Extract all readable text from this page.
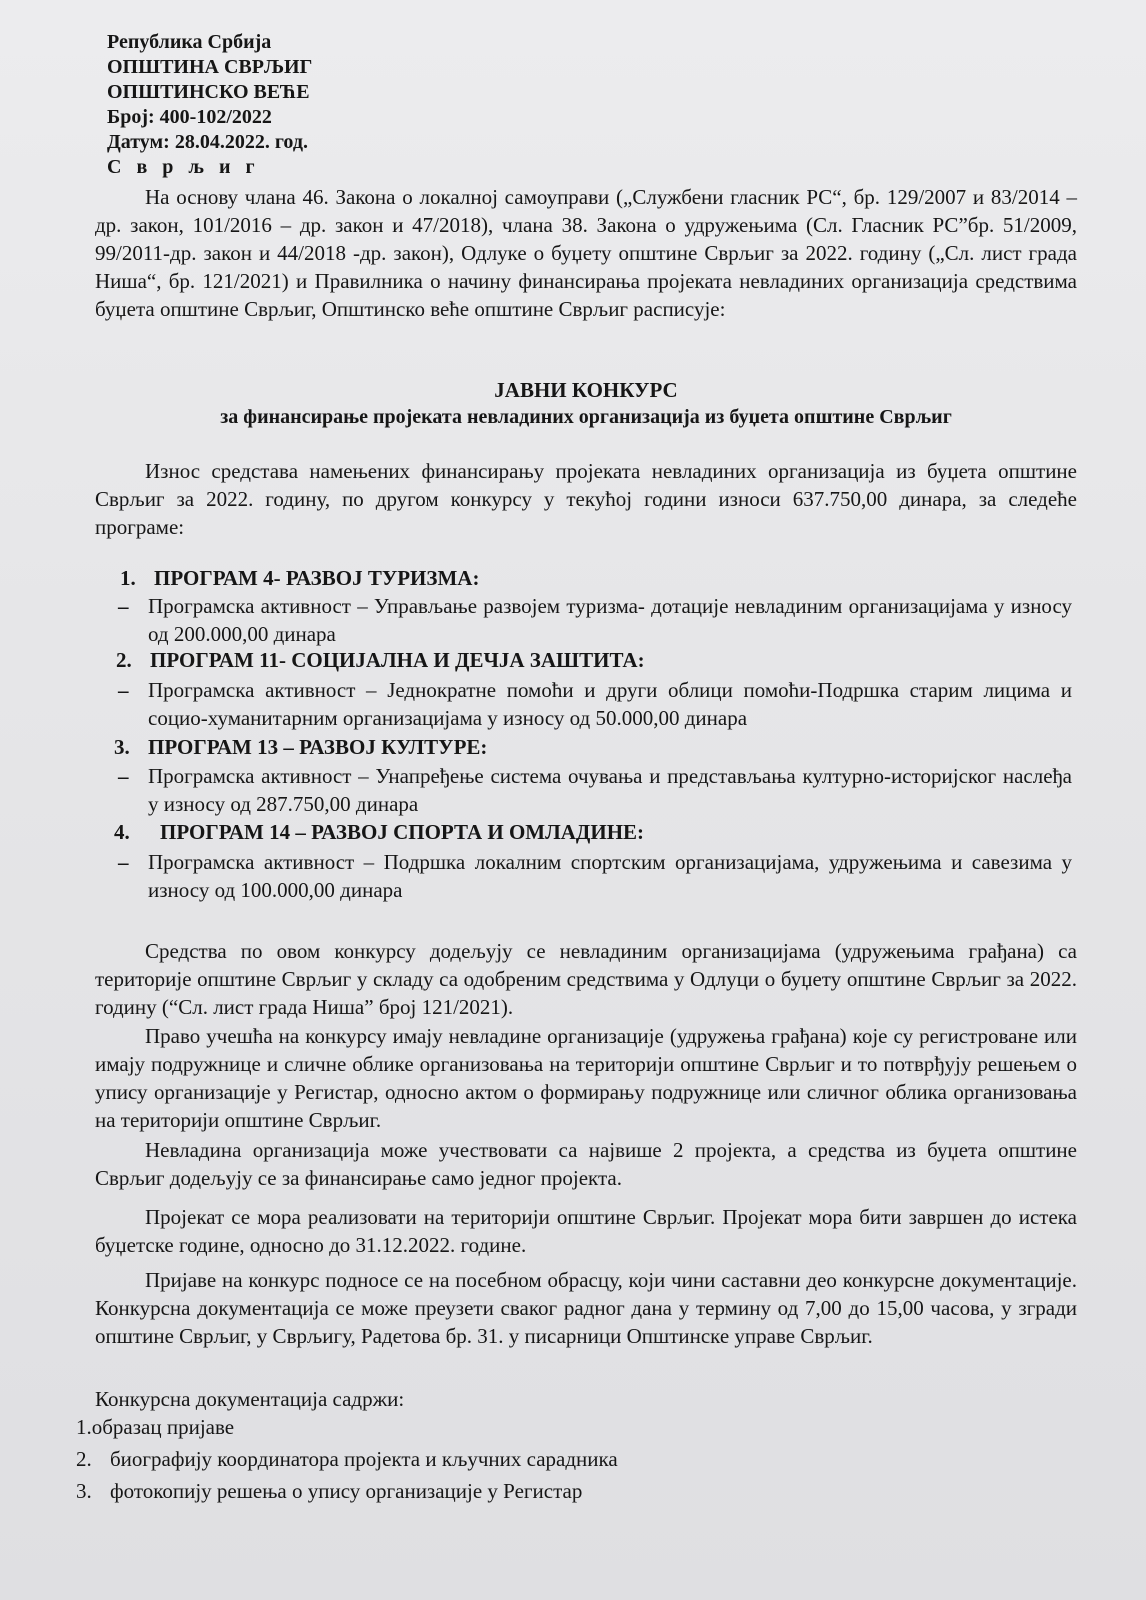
Република Србија
ОПШТИНА СВРЉИГ
ОПШТИНСКО ВЕЋЕ
Број: 400-102/2022
Датум: 28.04.2022. год.
С в р љ и г
На основу члана 46. Закона о локалној самоуправи („Службени гласник РС“, бр. 129/2007 и 83/2014 – др. закон, 101/2016 – др. закон и 47/2018), члана 38. Закона о удружењима (Сл. Гласник РС”бр. 51/2009, 99/2011-др. закон и 44/2018 -др. закон), Одлуке о буџету општине Сврљиг за 2022. годину („Сл. лист града Ниша“, бр. 121/2021) и Правилника о начину финансирања пројеката невладиних организација средствима буџета општине Сврљиг, Општинско веће општине Сврљиг расписује:
ЈАВНИ КОНКУРС
за финансирање пројеката невладиних организација из буџета општине Сврљиг
Износ средстава намењених финансирању пројеката невладиних организација из буџета општине Сврљиг за 2022. годину, по другом конкурсу у текућој години износи 637.750,00 динара, за следеће програме:
1. ПРОГРАМ 4- РАЗВОЈ ТУРИЗМА:
– Програмска активност – Управљање развојем туризма- дотације невладиним организацијама у износу од 200.000,00 динара
2. ПРОГРАМ 11- СОЦИЈАЛНА И ДЕЧЈА ЗАШТИТА:
– Програмска активност – Једнократне помоћи и други облици помоћи-Подршка старим лицима и социо-хуманитарним организацијама у износу од 50.000,00 динара
3. ПРОГРАМ 13 – РАЗВОЈ КУЛТУРЕ:
– Програмска активност – Унапређење система очувања и представљања културно-историјског наслеђа у износу од 287.750,00 динара
4. ПРОГРАМ 14 – РАЗВОЈ СПОРТА И ОМЛАДИНЕ:
– Програмска активност – Подршка локалним спортским организацијама, удружењима и савезима у износу од 100.000,00 динара
Средства по овом конкурсу додељују се невладиним организацијама (удружењима грађана) са територије општине Сврљиг у складу са одобреним средствима у Одлуци о буџету општине Сврљиг за 2022. годину (“Сл. лист града Ниша” број 121/2021).
Право учешћа на конкурсу имају невладине организације (удружења грађана) које су регистроване или имају подружнице и сличне облике организовања на територији општине Сврљиг и то потврђују решењем о упису организације у Регистар, односно актом о формирању подружнице или сличног облика организовања на територији општине Сврљиг.
Невладина организација може учествовати са највише 2 пројекта, а средства из буџета општине Сврљиг додељују се за финансирање само једног пројекта.
Пројекат се мора реализовати на територији општине Сврљиг. Пројекат мора бити завршен до истека буџетске године, односно до 31.12.2022. године.
Пријаве на конкурс подносе се на посебном обрасцу, који чини саставни део конкурсне документације. Конкурсна документација се може преузети сваког радног дана у термину од 7,00 до 15,00 часова, у згради општине Сврљиг, у Сврљигу, Радетова бр. 31. у писарници Општинске управе Сврљиг.
Конкурсна документација садржи:
1.образац пријаве
2. биографију координатора пројекта и кључних сарадника
3. фотокопију решења о упису организације у Регистар
